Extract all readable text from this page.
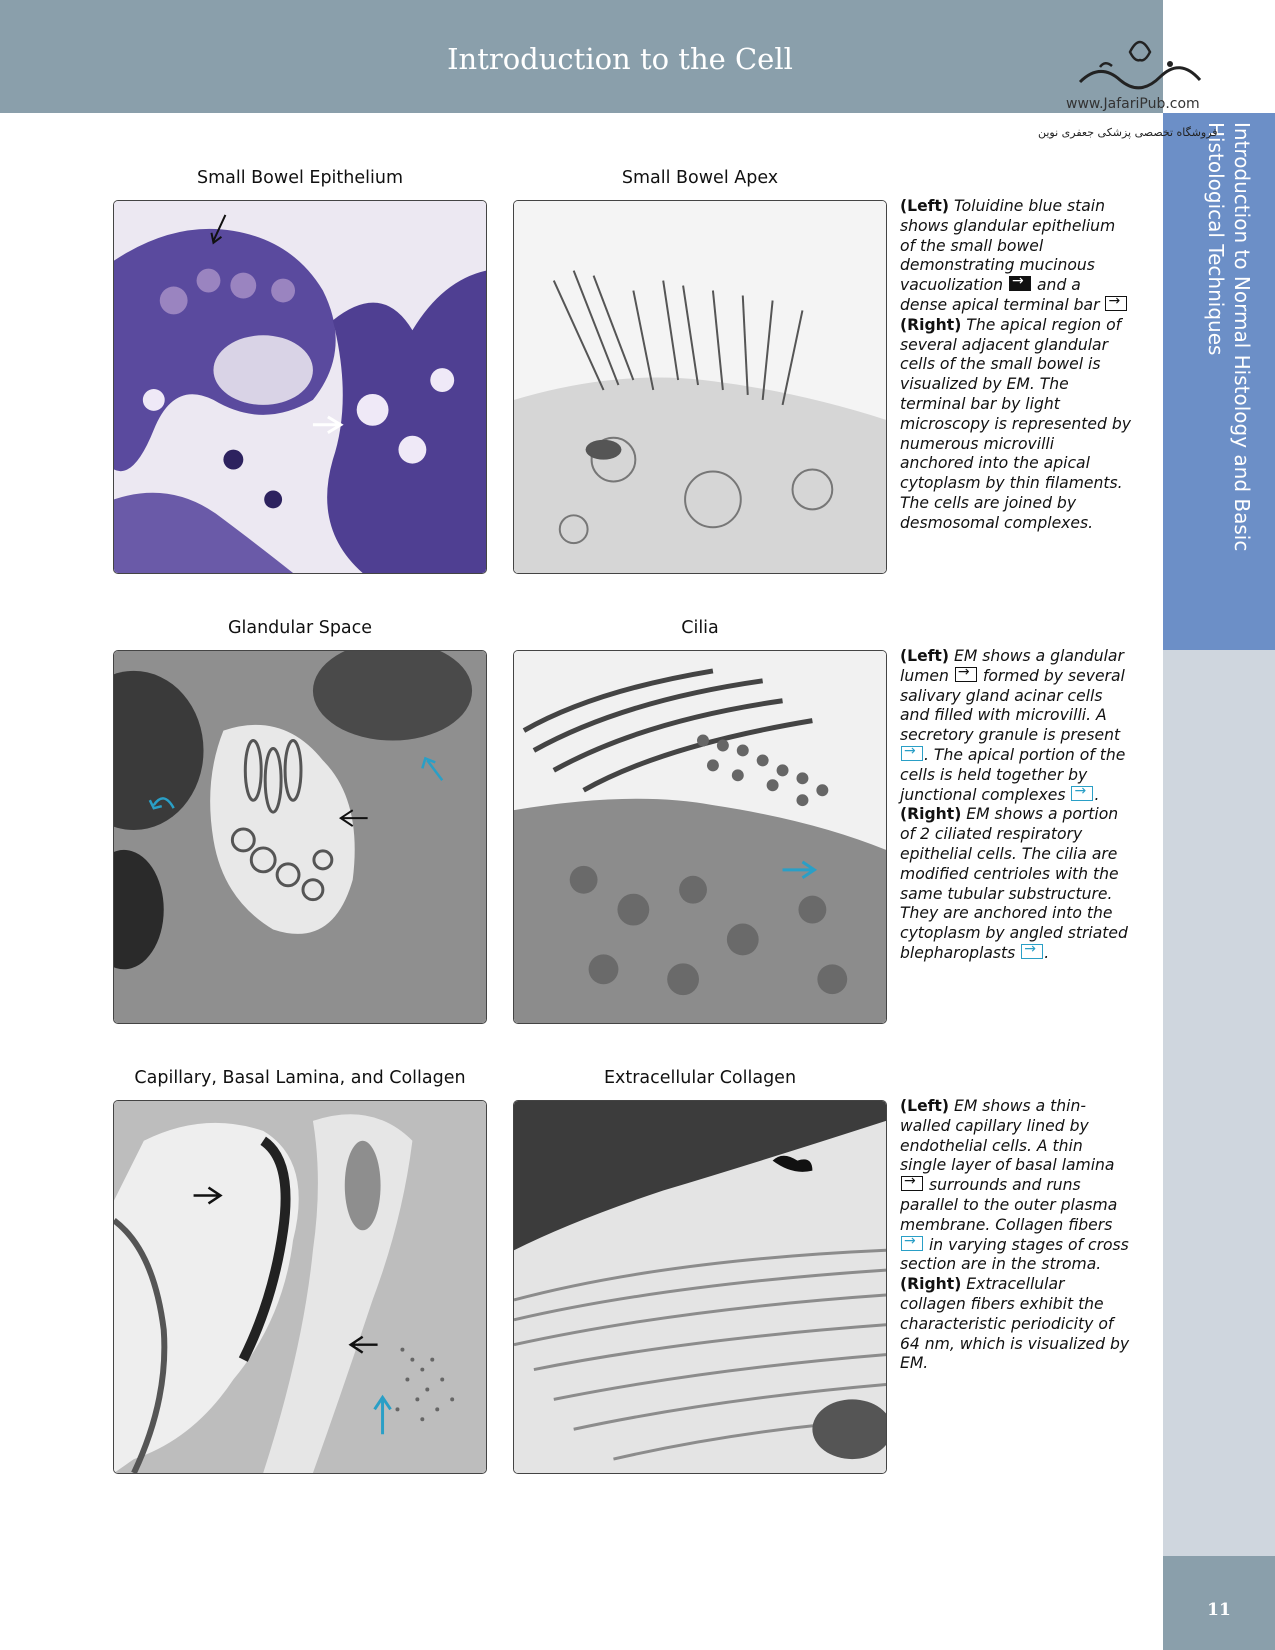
Introduction to Normal Histology and Basic Histological Techniques
11
Introduction to the Cell
www.JafariPub.com
فروشگاه تخصصی پزشکی جعفری نوین
Small Bowel Epithelium	Small Bowel Apex
(Left) Toluidine blue stain shows glandular epithelium of the small bowel demonstrating mucinous vacuolization → and a dense apical terminal bar → (Right) The apical region of several adjacent glandular cells of the small bowel is visualized by EM. The terminal bar by light microscopy is represented by numerous microvilli anchored into the apical cytoplasm by thin filaments. The cells are joined by desmosomal complexes.
Glandular Space	Cilia
(Left) EM shows a glandular lumen → formed by several salivary gland acinar cells and filled with microvilli. A secretory granule is present →. The apical portion of the cells is held together by junctional complexes → . (Right) EM shows a portion of 2 ciliated respiratory epithelial cells. The cilia are modified centrioles with the same tubular substructure. They are anchored into the cytoplasm by angled striated blepharoplasts → .
Capillary, Basal Lamina, and Collagen	Extracellular Collagen
(Left) EM shows a thin-walled capillary lined by endothelial cells. A thin single layer of basal lamina → surrounds and runs parallel to the outer plasma membrane. Collagen fibers → in varying stages of cross section are in the stroma. (Right) Extracellular collagen fibers exhibit the characteristic periodicity of 64 nm, which is visualized by EM.
